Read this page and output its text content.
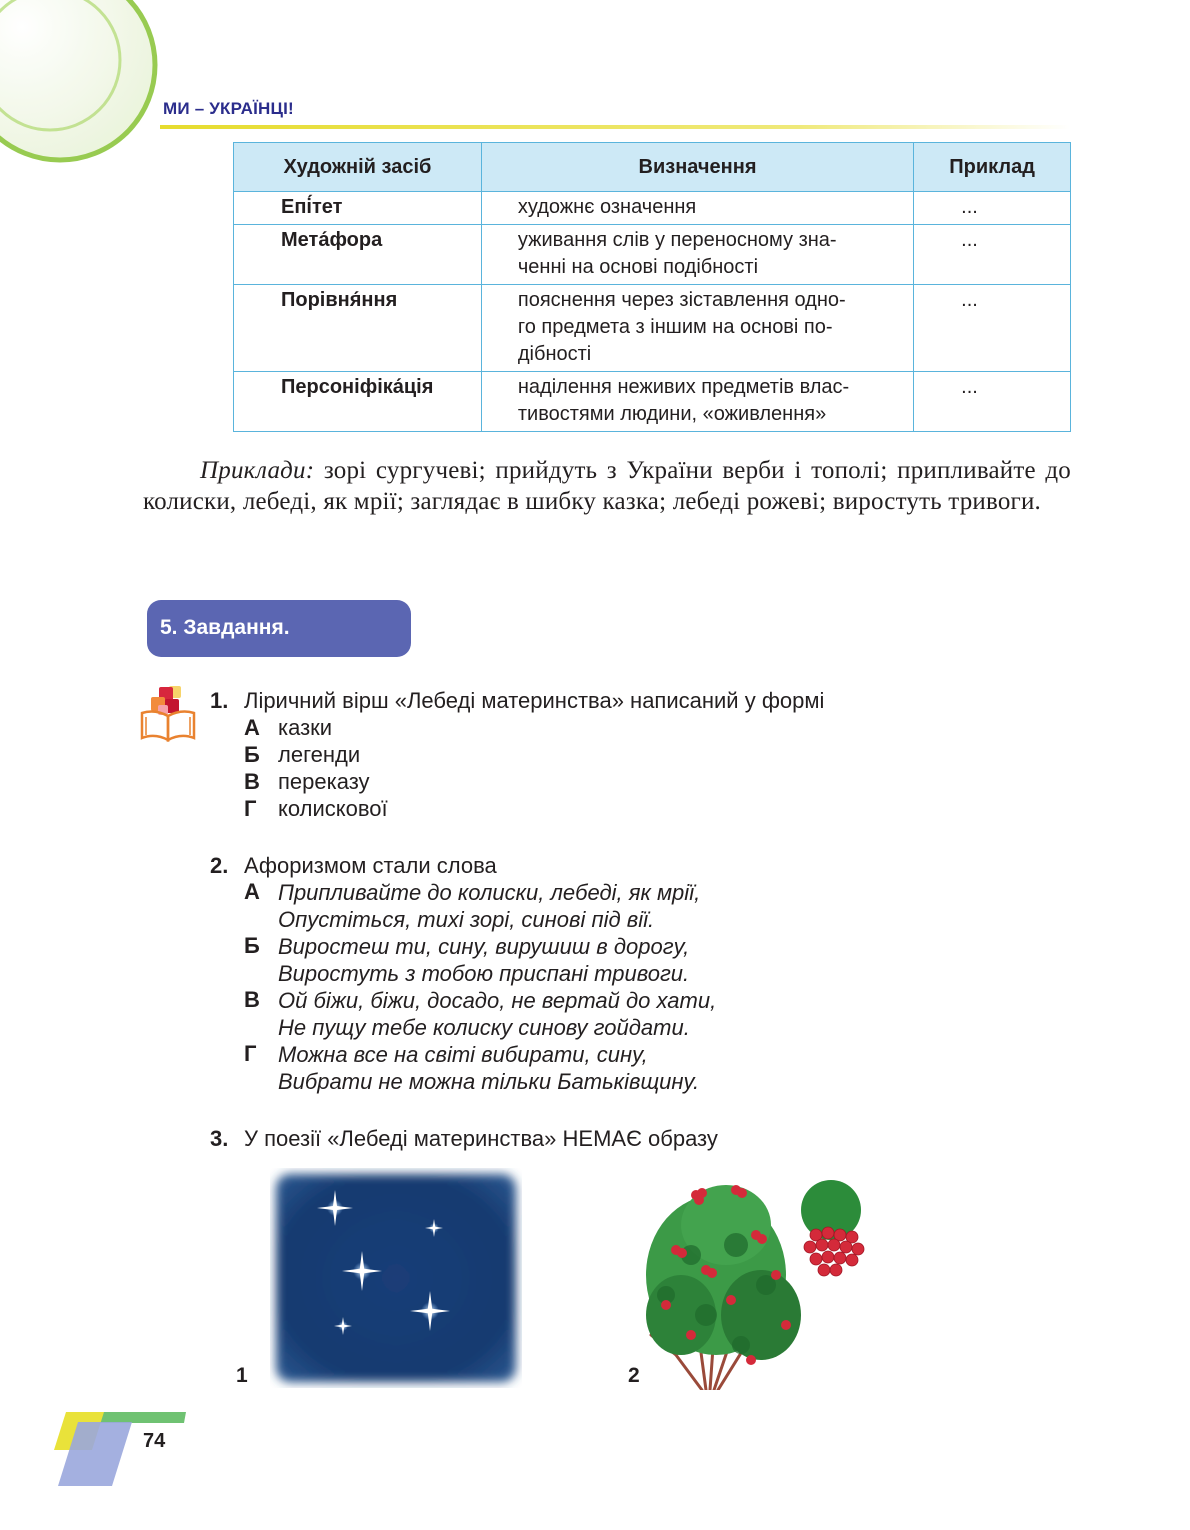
МИ – УКРАЇНЦІ!
Художній засіб	Визначення	Приклад
Епі́тет	художнє означення	...
Мета́фора	уживання слів у переносному зна-
ченні на основі подібності	...
Порівня́ння	пояснення через зіставлення одно-
го предмета з іншим на основі по-
дібності	...
Персоніфіка́ція	наділення неживих предметів влас-
тивостями людини, «оживлення»	...
Приклади: зорі сургучеві; прийдуть з України верби і тополі; припливайте до колиски, лебеді, як мрії; заглядає в шибку казка; лебеді рожеві; виростуть тривоги.
5. Завдання.
1. Ліричний вірш «Лебеді материнства» написаний у формі
А казки
Б легенди
В переказу
Г колискової
2. Афоризмом стали слова
А Припливайте до колиски, лебеді, як мрії,
Опустіться, тихі зорі, синові під вії.
Б Виростеш ти, сину, вирушиш в дорогу,
Виростуть з тобою приспані тривоги.
В Ой біжи, біжи, досадо, не вертай до хати,
Не пущу тебе колиску синову гойдати.
Г Можна все на світі вибирати, сину,
Вибрати не можна тільки Батьківщину.
3. У поезії «Лебеді материнства» НЕМАЄ образу
1	2
74
